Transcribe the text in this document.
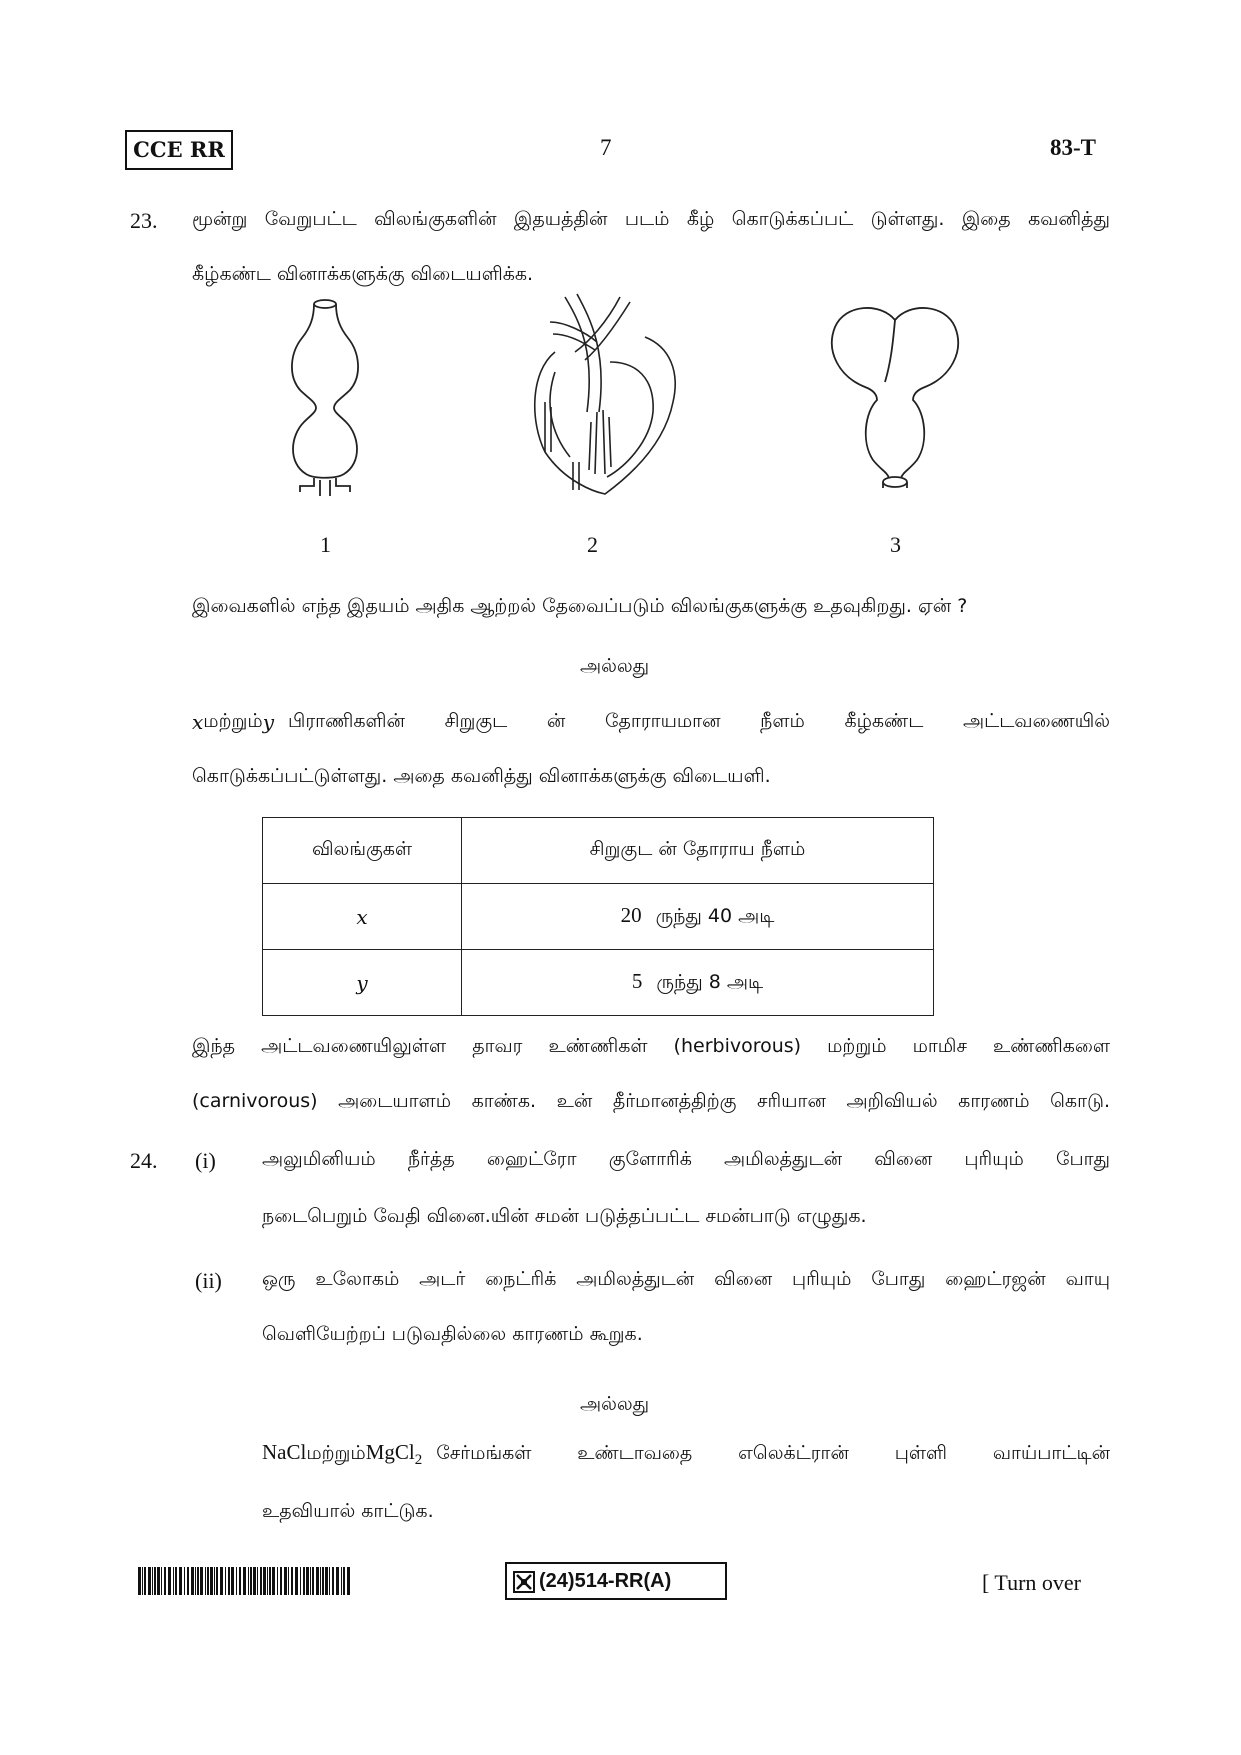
CCE RR	7	83-T
23. மூன்று வேறுபட்ட விலங்குகளின் இதயத்தின் படம் கீழ் கொடுக்கப்பட் டுள்ளது. இதை கவனித்து
கீழ்கண்ட வினாக்களுக்கு விடையளிக்க.
1	2	3
இவைகளில் எந்த இதயம் அதிக ஆற்றல் தேவைப்படும் விலங்குகளுக்கு உதவுகிறது. ஏன் ?
அல்லது
x மற்றும் y பிராணிகளின் சிறுகுட ன் தோராயமான நீளம் கீழ்கண்ட அட்டவணையில்
கொடுக்கப்பட்டுள்ளது. அதை கவனித்து வினாக்களுக்கு விடையளி.
விலங்குகள்	சிறுகுட ன் தோராய நீளம்
x	20 ருந்து 40 அடி
y	5 ருந்து 8 அடி
இந்த அட்டவணையிலுள்ள தாவர உண்ணிகள் (herbivorous) மற்றும் மாமிச உண்ணிகளை
(carnivorous) அடையாளம் காண்க. உன் தீர்மானத்திற்கு சரியான அறிவியல் காரணம் கொடு.
24. (i) அலுமினியம் நீர்த்த ஹைட்ரோ குளோரிக் அமிலத்துடன் வினை புரியும் போது
நடைபெறும் வேதி வினை.யின் சமன் படுத்தப்பட்ட சமன்பாடு எழுதுக.
(ii) ஒரு உலோகம் அடர் நைட்ரிக் அமிலத்துடன் வினை புரியும் போது ஹைட்ரஜன் வாயு
வெளியேற்றப் படுவதில்லை காரணம் கூறுக.
அல்லது
NaCl மற்றும் MgCl$_2$ சேர்மங்கள் உண்டாவதை எலெக்ட்ரான் புள்ளி வாய்பாட்டின்
உதவியால் காட்டுக.
(24)514-RR(A)	[ Turn over
